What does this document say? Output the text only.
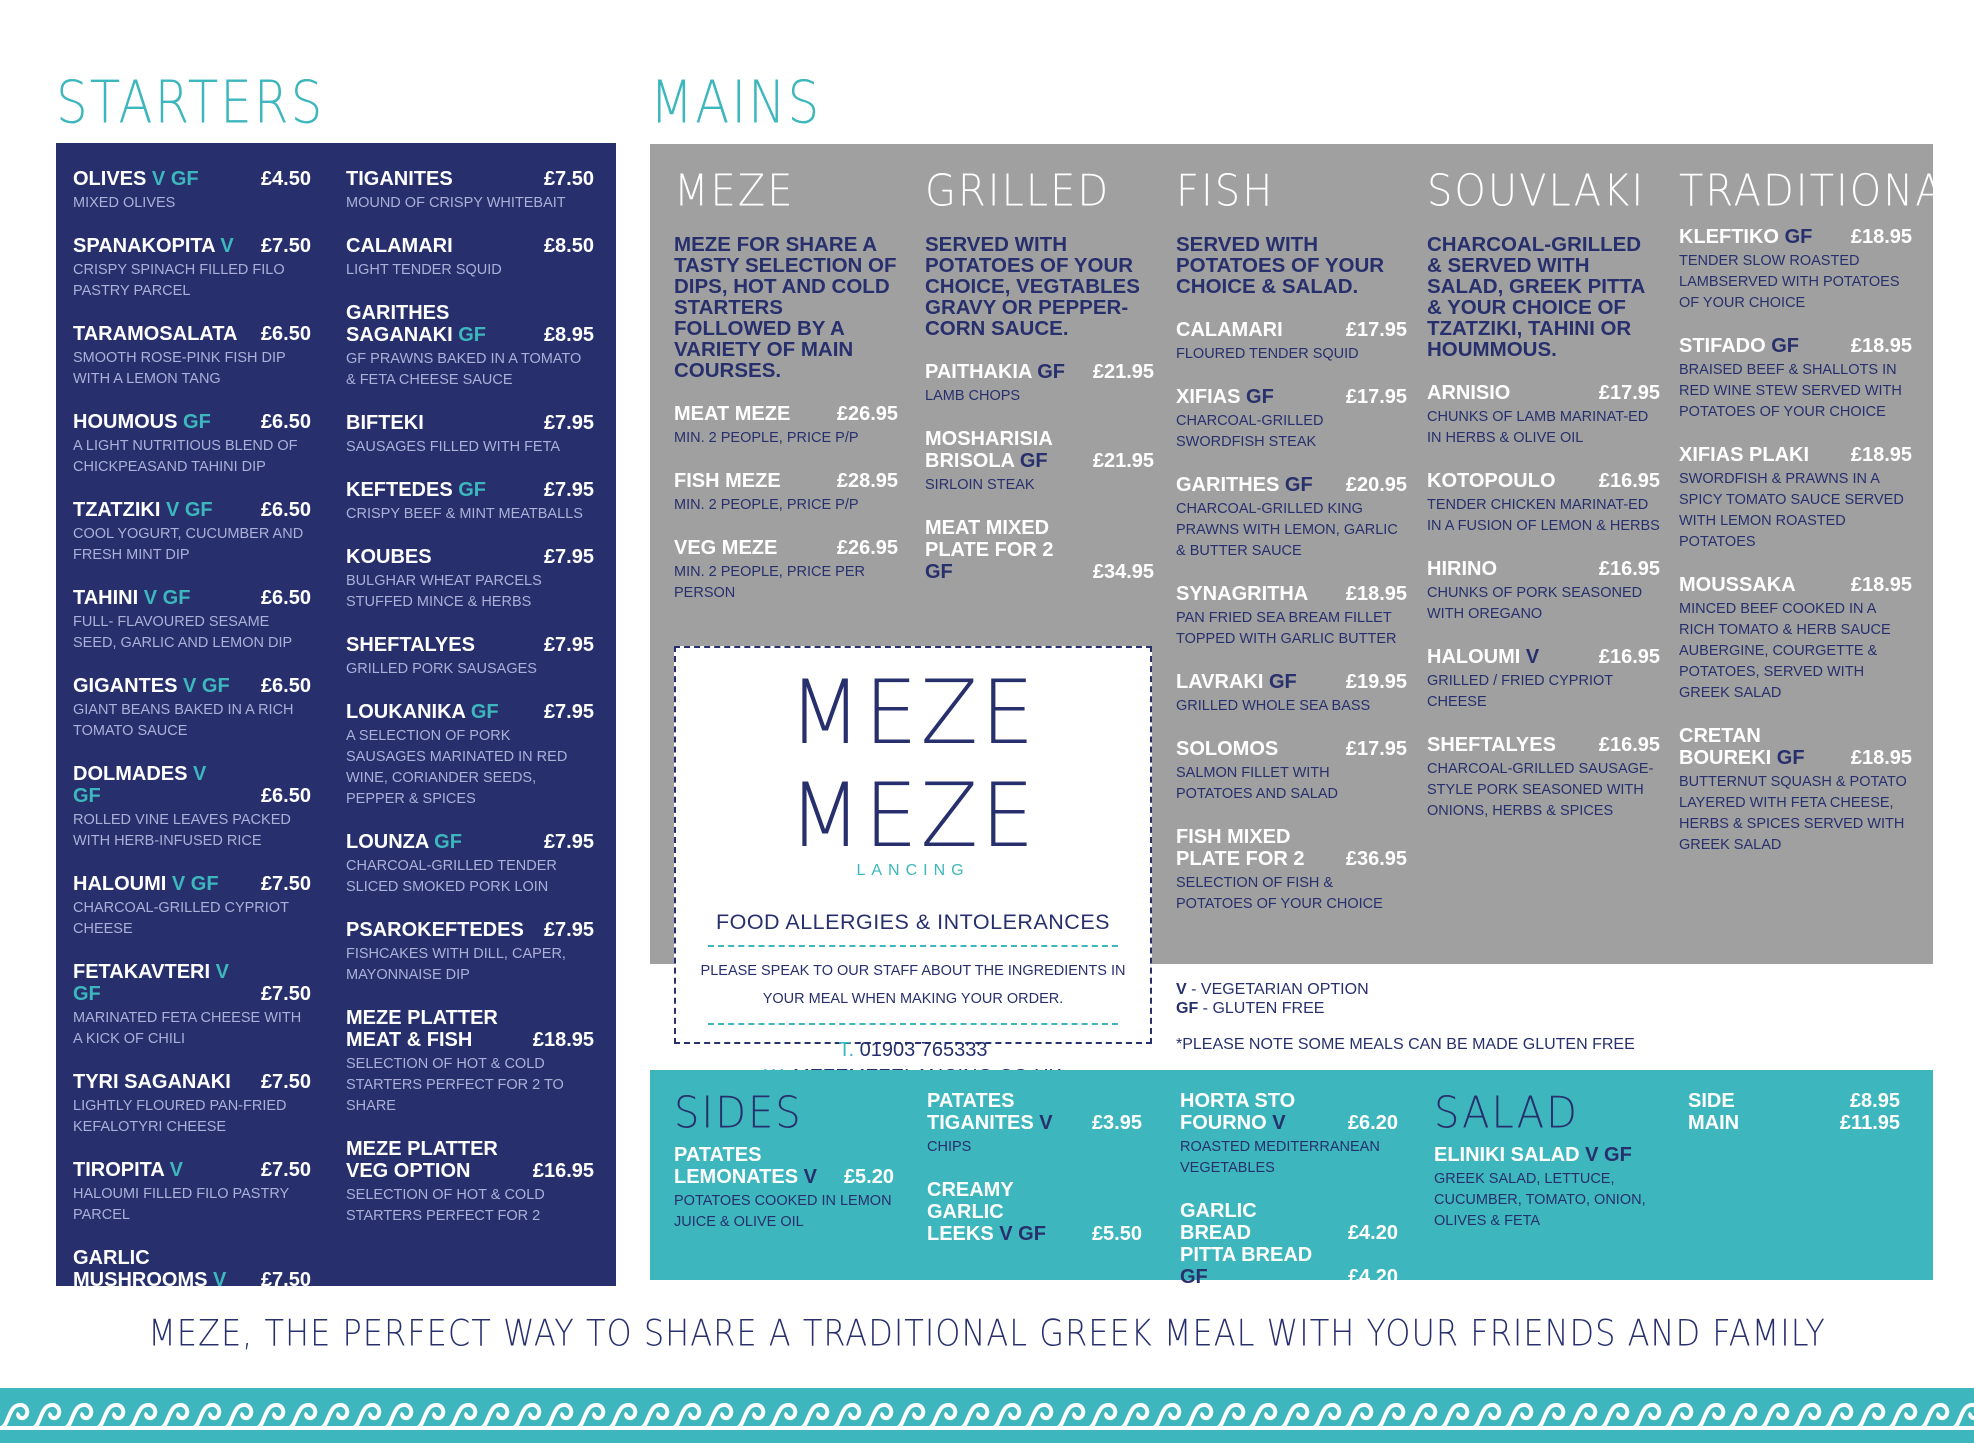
STARTERS	MAINS
OLIVES V GF	£4.50
MIXED OLIVES
SPANAKOPITA V £7.50
CRISPY SPINACH FILLED FILO PASTRY PARCEL
TARAMOSALATA £6.50
SMOOTH ROSE-PINK FISH DIP WITH A LEMON TANG
HOUMOUS GF	£6.50
A LIGHT NUTRITIOUS BLEND OF CHICKPEASAND TAHINI DIP
TZATZIKI V GF £6.50
COOL YOGURT, CUCUMBER AND FRESH MINT DIP
TAHINI V GF	£6.50
FULL- FLAVOURED SESAME SEED, GARLIC AND LEMON DIP
GIGANTES V GF £6.50
GIANT BEANS BAKED IN A RICH TOMATO SAUCE
DOLMADES V GF	£6.50
ROLLED VINE LEAVES PACKED WITH HERB-INFUSED RICE
HALOUMI V GF £7.50
CHARCOAL-GRILLED CYPRIOT CHEESE
FETAKAVTERI V GF	£7.50
MARINATED FETA CHEESE WITH A KICK OF CHILI
TYRI SAGANAKI £7.50
LIGHTLY FLOURED PAN-FRIED KEFALOTYRI CHEESE
TIROPITA V	£7.50
HALOUMI FILLED FILO PASTRY PARCEL
GARLIC MUSHROOMS V £7.50
MARIDA
TIGANITES	£7.50
MOUND OF CRISPY WHITEBAIT
CALAMARI	£8.50
LIGHT TENDER SQUID
GARITHES SAGANAKI GF	£8.95
GF PRAWNS BAKED IN A TOMATO & FETA CHEESE SAUCE
BIFTEKI	£7.95
SAUSAGES FILLED WITH FETA
KEFTEDES GF	£7.95
CRISPY BEEF & MINT MEATBALLS
KOUBES	£7.95
BULGHAR WHEAT PARCELS STUFFED MINCE & HERBS
SHEFTALYES	£7.95
GRILLED PORK SAUSAGES
LOUKANIKA GF £7.95
A SELECTION OF PORK SAUSAGES MARINATED IN RED WINE, CORIANDER SEEDS, PEPPER & SPICES
LOUNZA GF	£7.95
CHARCOAL-GRILLED TENDER SLICED SMOKED PORK LOIN
PSAROKEFTEDES £7.95
FISHCAKES WITH DILL, CAPER, MAYONNAISE DIP
MEZE PLATTER MEAT & FISH	£18.95
SELECTION OF HOT & COLD STARTERS PERFECT FOR 2 TO SHARE
MEZE PLATTER VEG OPTION	£16.95
SELECTION OF HOT & COLD STARTERS PERFECT FOR 2
MEZE
MEZE FOR SHARE A TASTY SELECTION OF DIPS, HOT AND COLD STARTERS FOLLOWED BY A VARIETY OF MAIN COURSES.
MEAT MEZE £26.95
MIN. 2 PEOPLE, PRICE P/P
FISH MEZE	£28.95
MIN. 2 PEOPLE, PRICE P/P
VEG MEZE	£26.95
MIN. 2 PEOPLE, PRICE PER PERSON
GRILLED
SERVED WITH POTATOES OF YOUR CHOICE, VEGTABLES GRAVY OR PEPPER-CORN SAUCE.
PAITHAKIA GF £21.95
LAMB CHOPS
MOSHARISIA BRISOLA GF £21.95
SIRLOIN STEAK
MEAT MIXED PLATE FOR 2 GF	£34.95
FISH
SERVED WITH POTATOES OF YOUR CHOICE & SALAD.
CALAMARI	£17.95
FLOURED TENDER SQUID
XIFIAS GF	£17.95
CHARCOAL-GRILLED SWORDFISH STEAK
GARITHES GF £20.95
CHARCOAL-GRILLED KING PRAWNS WITH LEMON, GARLIC & BUTTER SAUCE
SYNAGRITHA £18.95
PAN FRIED SEA BREAM FILLET TOPPED WITH GARLIC BUTTER
LAVRAKI GF £19.95
GRILLED WHOLE SEA BASS
SOLOMOS	£17.95
SALMON FILLET WITH POTATOES AND SALAD
FISH MIXED PLATE FOR 2 £36.95
SELECTION OF FISH & POTATOES OF YOUR CHOICE
SOUVLAKI
CHARCOAL-GRILLED & SERVED WITH SALAD, GREEK PITTA & YOUR CHOICE OF TZATZIKI, TAHINI OR HOUMMOUS.
ARNISIO	£17.95
CHUNKS OF LAMB MARINAT-ED IN HERBS & OLIVE OIL
KOTOPOULO £16.95
TENDER CHICKEN MARINAT-ED IN A FUSION OF LEMON & HERBS
HIRINO	£16.95
CHUNKS OF PORK SEASONED WITH OREGANO
HALOUMI V	£16.95
GRILLED / FRIED CYPRIOT CHEESE
SHEFTALYES £16.95
CHARCOAL-GRILLED SAUSAGE-STYLE PORK SEASONED WITH ONIONS, HERBS & SPICES
TRADITIONAL
KLEFTIKO GF £18.95
TENDER SLOW ROASTED LAMBSERVED WITH POTATOES OF YOUR CHOICE
STIFADO GF	£18.95
BRAISED BEEF & SHALLOTS IN RED WINE STEW SERVED WITH POTATOES OF YOUR CHOICE
XIFIAS PLAKI £18.95
SWORDFISH & PRAWNS IN A SPICY TOMATO SAUCE SERVED WITH LEMON ROASTED POTATOES
MOUSSAKA	£18.95
MINCED BEEF COOKED IN A RICH TOMATO & HERB SAUCE AUBERGINE, COURGETTE & POTATOES, SERVED WITH GREEK SALAD
CRETAN BOUREKI GF £18.95
BUTTERNUT SQUASH & POTATO LAYERED WITH FETA CHEESE, HERBS & SPICES SERVED WITH GREEK SALAD
MEZE MEZE
LANCING
FOOD ALLERGIES & INTOLERANCES
PLEASE SPEAK TO OUR STAFF ABOUT THE INGREDIENTS IN YOUR MEAL WHEN MAKING YOUR ORDER.
T. 01903 765333
V - VEGETARIAN OPTION
GF - GLUTEN FREE
*PLEASE NOTE SOME MEALS CAN BE MADE GLUTEN FREE
SIDES
PATATES LEMONATES V £5.20
POTATOES COOKED IN LEMON JUICE & OLIVE OIL
PATATES TIGANITES V £3.95
CHIPS
CREAMY GARLIC LEEKS V GF £5.50
HORTA STO FOURNO V	£6.20
ROASTED MEDITERRANEAN VEGETABLES
GARLIC BREAD	£4.20
PITTA BREAD GF	£4.20
PITTA BREAD £3.95
SALAD
ELINIKI SALAD V GF
GREEK SALAD, LETTUCE, CUCUMBER, TOMATO, ONION, OLIVES & FETA
SIDE	£8.95
MAIN	£11.95
MEZE, THE PERFECT WAY TO SHARE A TRADITIONAL GREEK MEAL WITH YOUR FRIENDS AND FAMILY
